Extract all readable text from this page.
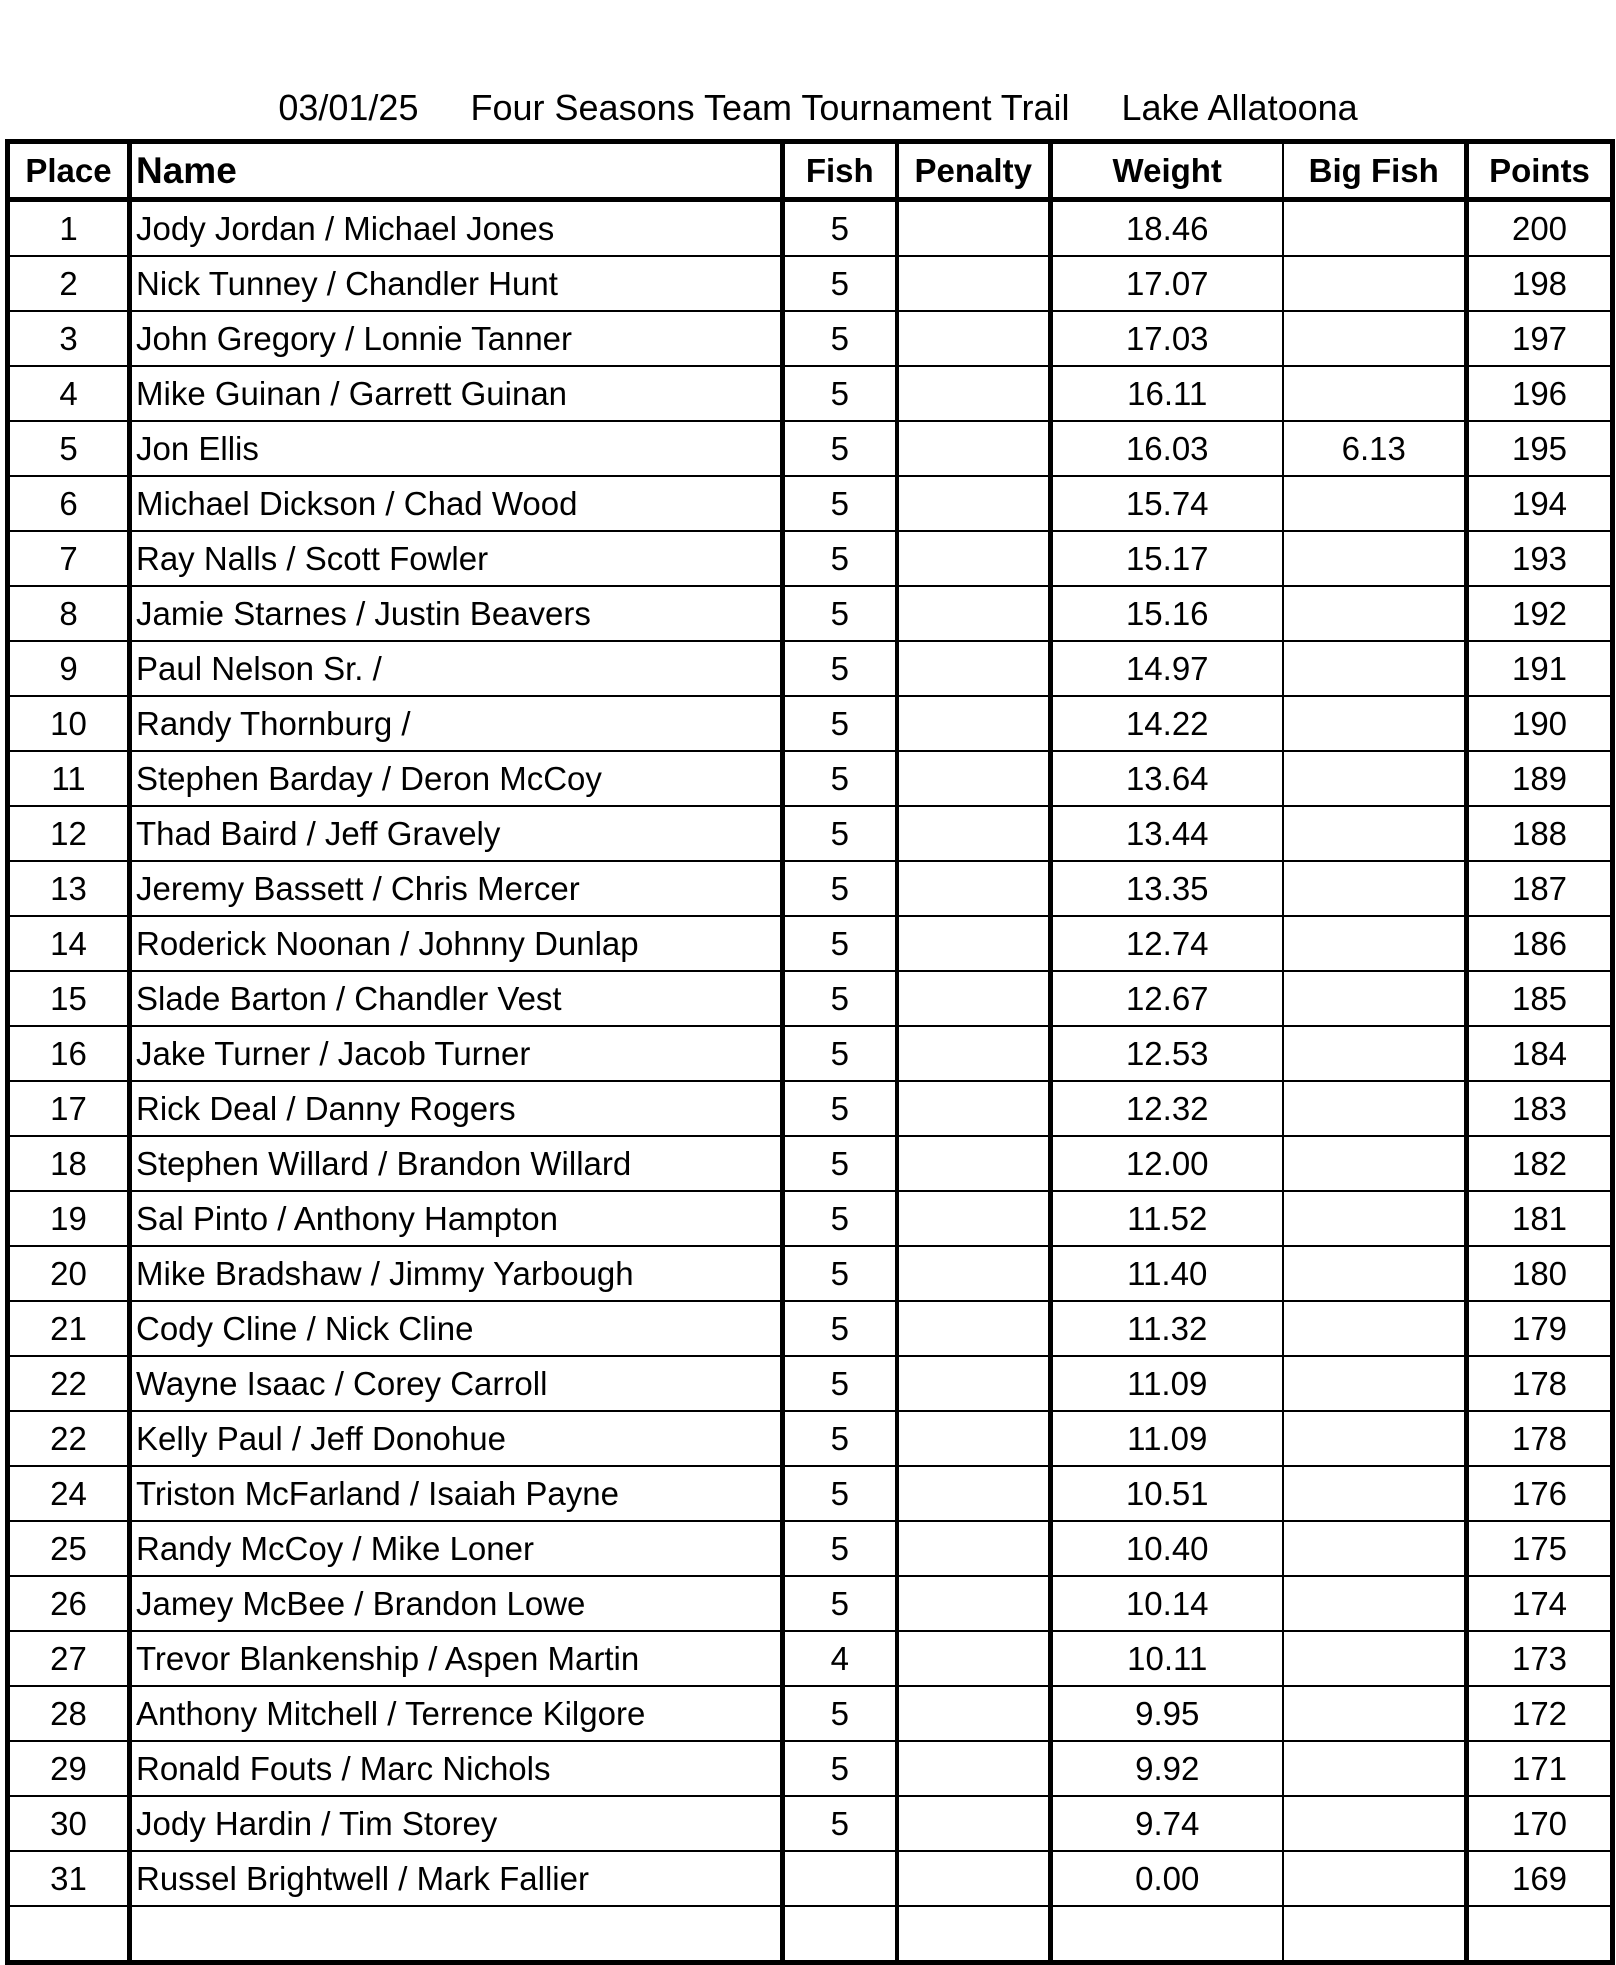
03/01/25 Four Seasons Team Tournament Trail Lake Allatoona

Place	Name	Fish	Penalty	Weight	Big Fish	Points
1	Jody Jordan / Michael Jones	5		18.46		200
2	Nick Tunney / Chandler Hunt	5		17.07		198
3	John Gregory / Lonnie Tanner	5		17.03		197
4	Mike Guinan / Garrett Guinan	5		16.11		196
5	Jon Ellis	5		16.03	6.13	195
6	Michael Dickson / Chad Wood	5		15.74		194
7	Ray Nalls / Scott Fowler	5		15.17		193
8	Jamie Starnes / Justin Beavers	5		15.16		192
9	Paul Nelson Sr. /	5		14.97		191
10	Randy Thornburg /	5		14.22		190
11	Stephen Barday / Deron McCoy	5		13.64		189
12	Thad Baird / Jeff Gravely	5		13.44		188
13	Jeremy Bassett / Chris Mercer	5		13.35		187
14	Roderick Noonan / Johnny Dunlap	5		12.74		186
15	Slade Barton / Chandler Vest	5		12.67		185
16	Jake Turner / Jacob Turner	5		12.53		184
17	Rick Deal / Danny Rogers	5		12.32		183
18	Stephen Willard / Brandon Willard	5		12.00		182
19	Sal Pinto / Anthony Hampton	5		11.52		181
20	Mike Bradshaw / Jimmy Yarbough	5		11.40		180
21	Cody Cline / Nick Cline	5		11.32		179
22	Wayne Isaac / Corey Carroll	5		11.09		178
22	Kelly Paul / Jeff Donohue	5		11.09		178
24	Triston McFarland / Isaiah Payne	5		10.51		176
25	Randy McCoy / Mike Loner	5		10.40		175
26	Jamey McBee / Brandon Lowe	5		10.14		174
27	Trevor Blankenship / Aspen Martin	4		10.11		173
28	Anthony Mitchell / Terrence Kilgore	5		9.95		172
29	Ronald Fouts / Marc Nichols	5		9.92		171
30	Jody Hardin / Tim Storey	5		9.74		170
31	Russel Brightwell / Mark Fallier			0.00		169
